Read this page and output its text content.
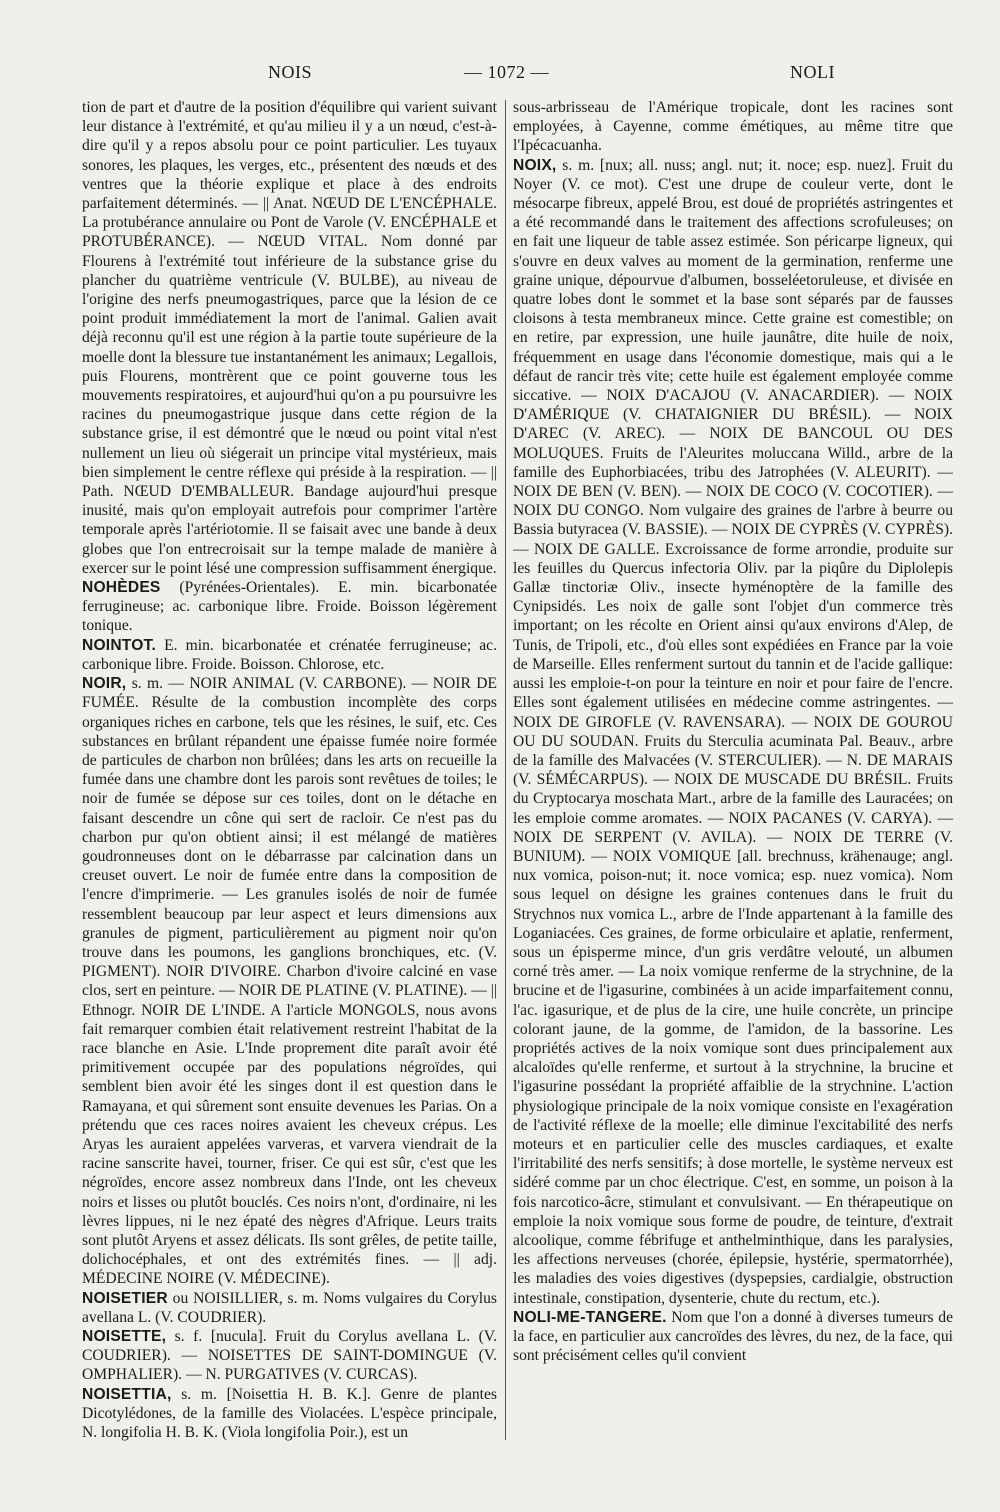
NOIS	— 1072 —	NOLI

tion de part et d'autre de la position d'équilibre qui varient suivant leur distance à l'extrémité, et qu'au milieu il y a un nœud, c'est-à-dire qu'il y a repos absolu pour ce point particulier. Les tuyaux sonores, les plaques, les verges, etc., présentent des nœuds et des ventres que la théorie explique et place à des endroits parfaitement déterminés. — || Anat. NŒUD DE L'ENCÉPHALE. La protubérance annulaire ou Pont de Varole (V. ENCÉPHALE et PROTUBÉRANCE). — NŒUD VITAL. Nom donné par Flourens à l'extrémité tout inférieure de la substance grise du plancher du quatrième ventricule (V. BULBE), au niveau de l'origine des nerfs pneumogastriques, parce que la lésion de ce point produit immédiatement la mort de l'animal. Galien avait déjà reconnu qu'il est une région à la partie toute supérieure de la moelle dont la blessure tue instantanément les animaux; Legallois, puis Flourens, montrèrent que ce point gouverne tous les mouvements respiratoires, et aujourd'hui qu'on a pu poursuivre les racines du pneumogastrique jusque dans cette région de la substance grise, il est démontré que le nœud ou point vital n'est nullement un lieu où siégerait un principe vital mystérieux, mais bien simplement le centre réflexe qui préside à la respiration. — || Path. NŒUD D'EMBALLEUR. Bandage aujourd'hui presque inusité, mais qu'on employait autrefois pour comprimer l'artère temporale après l'artériotomie. Il se faisait avec une bande à deux globes que l'on entrecroisait sur la tempe malade de manière à exercer sur le point lésé une compression suffisamment énergique.

NOHÈDES (Pyrénées-Orientales). E. min. bicarbonatée ferrugineuse; ac. carbonique libre. Froide. Boisson légèrement tonique.

NOINTOT. E. min. bicarbonatée et crénatée ferrugineuse; ac. carbonique libre. Froide. Boisson. Chlorose, etc.

NOIR, s. m. — NOIR ANIMAL (V. CARBONE). — NOIR DE FUMÉE. Résulte de la combustion incomplète des corps organiques riches en carbone, tels que les résines, le suif, etc. Ces substances en brûlant répandent une épaisse fumée noire formée de particules de charbon non brûlées; dans les arts on recueille la fumée dans une chambre dont les parois sont revêtues de toiles; le noir de fumée se dépose sur ces toiles, dont on le détache en faisant descendre un cône qui sert de racloir. Ce n'est pas du charbon pur qu'on obtient ainsi; il est mélangé de matières goudronneuses dont on le débarrasse par calcination dans un creuset ouvert. Le noir de fumée entre dans la composition de l'encre d'imprimerie. — Les granules isolés de noir de fumée ressemblent beaucoup par leur aspect et leurs dimensions aux granules de pigment, particulièrement au pigment noir qu'on trouve dans les poumons, les ganglions bronchiques, etc. (V. PIGMENT). NOIR D'IVOIRE. Charbon d'ivoire calciné en vase clos, sert en peinture. — NOIR DE PLATINE (V. PLATINE). — || Ethnogr. NOIR DE L'INDE. A l'article MONGOLS, nous avons fait remarquer combien était relativement restreint l'habitat de la race blanche en Asie. L'Inde proprement dite paraît avoir été primitivement occupée par des populations négroïdes, qui semblent bien avoir été les singes dont il est question dans le Ramayana, et qui sûrement sont ensuite devenues les Parias. On a prétendu que ces races noires avaient les cheveux crépus. Les Aryas les auraient appelées varveras, et varvera viendrait de la racine sanscrite havei, tourner, friser. Ce qui est sûr, c'est que les négroïdes, encore assez nombreux dans l'Inde, ont les cheveux noirs et lisses ou plutôt bouclés. Ces noirs n'ont, d'ordinaire, ni les lèvres lippues, ni le nez épaté des nègres d'Afrique. Leurs traits sont plutôt Aryens et assez délicats. Ils sont grêles, de petite taille, dolichocéphales, et ont des extrémités fines. — || adj. MÉDECINE NOIRE (V. MÉDECINE).

NOISETIER ou NOISILLIER, s. m. Noms vulgaires du Corylus avellana L. (V. COUDRIER).

NOISETTE, s. f. [nucula]. Fruit du Corylus avellana L. (V. COUDRIER). — NOISETTES DE SAINT-DOMINGUE (V. OMPHALIER). — N. PURGATIVES (V. CURCAS).

NOISETTIA, s. m. [Noisettia H. B. K.]. Genre de plantes Dicotylédones, de la famille des Violacées. L'espèce principale, N. longifolia H. B. K. (Viola longifolia Poir.), est un

sous-arbrisseau de l'Amérique tropicale, dont les racines sont employées, à Cayenne, comme émétiques, au même titre que l'Ipécacuanha.

NOIX, s. m. [nux; all. nuss; angl. nut; it. noce; esp. nuez]. Fruit du Noyer (V. ce mot). C'est une drupe de couleur verte, dont le mésocarpe fibreux, appelé Brou, est doué de propriétés astringentes et a été recommandé dans le traitement des affections scrofuleuses; on en fait une liqueur de table assez estimée. Son péricarpe ligneux, qui s'ouvre en deux valves au moment de la germination, renferme une graine unique, dépourvue d'albumen, bosseléetoruleuse, et divisée en quatre lobes dont le sommet et la base sont séparés par de fausses cloisons à testa membraneux mince. Cette graine est comestible; on en retire, par expression, une huile jaunâtre, dite huile de noix, fréquemment en usage dans l'économie domestique, mais qui a le défaut de rancir très vite; cette huile est également employée comme siccative. — NOIX D'ACAJOU (V. ANACARDIER). — NOIX D'AMÉRIQUE (V. CHATAIGNIER DU BRÉSIL). — NOIX D'AREC (V. AREC). — NOIX DE BANCOUL OU DES MOLUQUES. Fruits de l'Aleurites moluccana Willd., arbre de la famille des Euphorbiacées, tribu des Jatrophées (V. ALEURIT). — NOIX DE BEN (V. BEN). — NOIX DE COCO (V. COCOTIER). — NOIX DU CONGO. Nom vulgaire des graines de l'arbre à beurre ou Bassia butyracea (V. BASSIE). — NOIX DE CYPRÈS (V. CYPRÈS). — NOIX DE GALLE. Excroissance de forme arrondie, produite sur les feuilles du Quercus infectoria Oliv. par la piqûre du Diplolepis Gallæ tinctoriæ Oliv., insecte hyménoptère de la famille des Cynipsidés. Les noix de galle sont l'objet d'un commerce très important; on les récolte en Orient ainsi qu'aux environs d'Alep, de Tunis, de Tripoli, etc., d'où elles sont expédiées en France par la voie de Marseille. Elles renferment surtout du tannin et de l'acide gallique: aussi les emploie-t-on pour la teinture en noir et pour faire de l'encre. Elles sont également utilisées en médecine comme astringentes. — NOIX DE GIROFLE (V. RAVENSARA). — NOIX DE GOUROU OU DU SOUDAN. Fruits du Sterculia acuminata Pal. Beauv., arbre de la famille des Malvacées (V. STERCULIER). — N. DE MARAIS (V. SÉMÉCARPUS). — NOIX DE MUSCADE DU BRÉSIL. Fruits du Cryptocarya moschata Mart., arbre de la famille des Lauracées; on les emploie comme aromates. — NOIX PACANES (V. CARYA). — NOIX DE SERPENT (V. AVILA). — NOIX DE TERRE (V. BUNIUM). — NOIX VOMIQUE [all. brechnuss, krähenauge; angl. nux vomica, poison-nut; it. noce vomica; esp. nuez vomica). Nom sous lequel on désigne les graines contenues dans le fruit du Strychnos nux vomica L., arbre de l'Inde appartenant à la famille des Loganiacées. Ces graines, de forme orbiculaire et aplatie, renferment, sous un épisperme mince, d'un gris verdâtre velouté, un albumen corné très amer. — La noix vomique renferme de la strychnine, de la brucine et de l'igasurine, combinées à un acide imparfaitement connu, l'ac. igasurique, et de plus de la cire, une huile concrète, un principe colorant jaune, de la gomme, de l'amidon, de la bassorine. Les propriétés actives de la noix vomique sont dues principalement aux alcaloïdes qu'elle renferme, et surtout à la strychnine, la brucine et l'igasurine possédant la propriété affaiblie de la strychnine. L'action physiologique principale de la noix vomique consiste en l'exagération de l'activité réflexe de la moelle; elle diminue l'excitabilité des nerfs moteurs et en particulier celle des muscles cardiaques, et exalte l'irritabilité des nerfs sensitifs; à dose mortelle, le système nerveux est sidéré comme par un choc électrique. C'est, en somme, un poison à la fois narcotico-âcre, stimulant et convulsivant. — En thérapeutique on emploie la noix vomique sous forme de poudre, de teinture, d'extrait alcoolique, comme fébrifuge et anthelminthique, dans les paralysies, les affections nerveuses (chorée, épilepsie, hystérie, spermatorrhée), les maladies des voies digestives (dyspepsies, cardialgie, obstruction intestinale, constipation, dysenterie, chute du rectum, etc.).

NOLI-ME-TANGERE. Nom que l'on a donné à diverses tumeurs de la face, en particulier aux cancroïdes des lèvres, du nez, de la face, qui sont précisément celles qu'il convient
